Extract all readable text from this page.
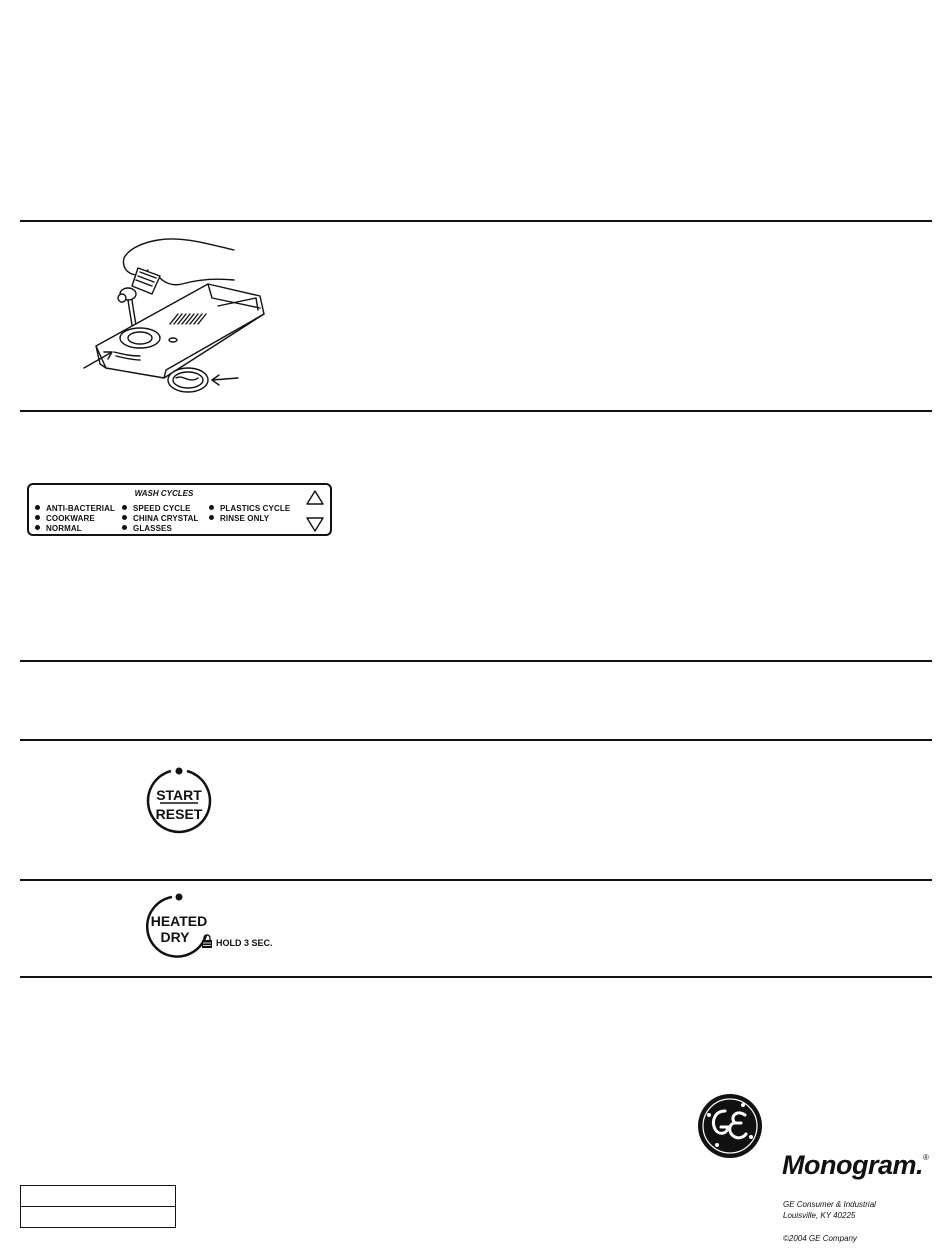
WASH CYCLES
ANTI-BACTERIAL
COOKWARE
NORMAL
SPEED CYCLE
CHINA CRYSTAL
GLASSES
PLASTICS CYCLE
RINSE ONLY
START
RESET
HEATED
DRY	HOLD 3 SEC.
Monogram.®
GE Consumer & Industrial
Louisville, KY 40225
©2004 GE Company
